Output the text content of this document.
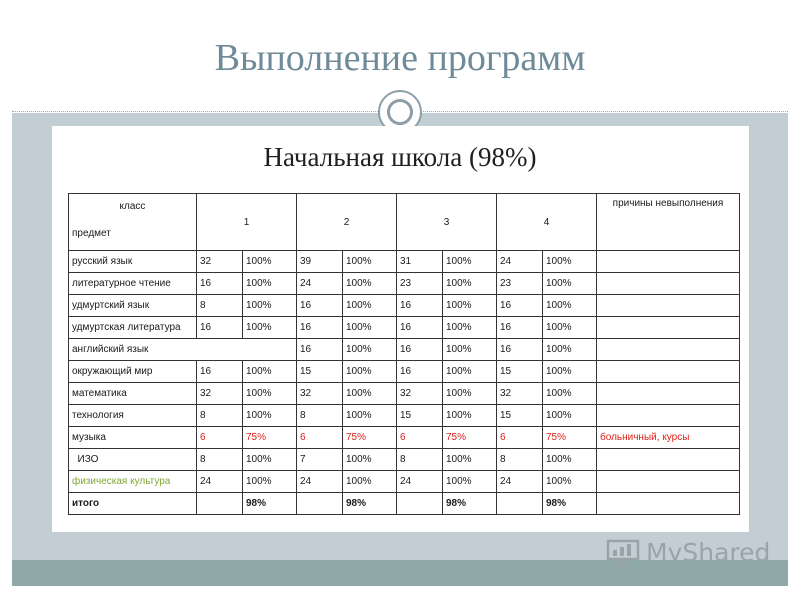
Выполнение программ
Начальная школа (98%)
класс
предмет	1		2		3		4		причины невыполнения
русский язык	32	100%	39	100%	31	100%	24	100%	
литературное чтение	16	100%	24	100%	23	100%	23	100%	
удмуртский язык	8	100%	16	100%	16	100%	16	100%	
удмуртская литература	16	100%	16	100%	16	100%	16	100%	
английский язык			16	100%	16	100%	16	100%	
окружающий мир	16	100%	15	100%	16	100%	15	100%	
математика	32	100%	32	100%	32	100%	32	100%	
технология	8	100%	8	100%	15	100%	15	100%	
музыка	6	75%	6	75%	6	75%	6	75%	больничный, курсы
ИЗО	8	100%	7	100%	8	100%	8	100%	
физическая культура	24	100%	24	100%	24	100%	24	100%	
итого		98%		98%		98%		98%	
MyShared
